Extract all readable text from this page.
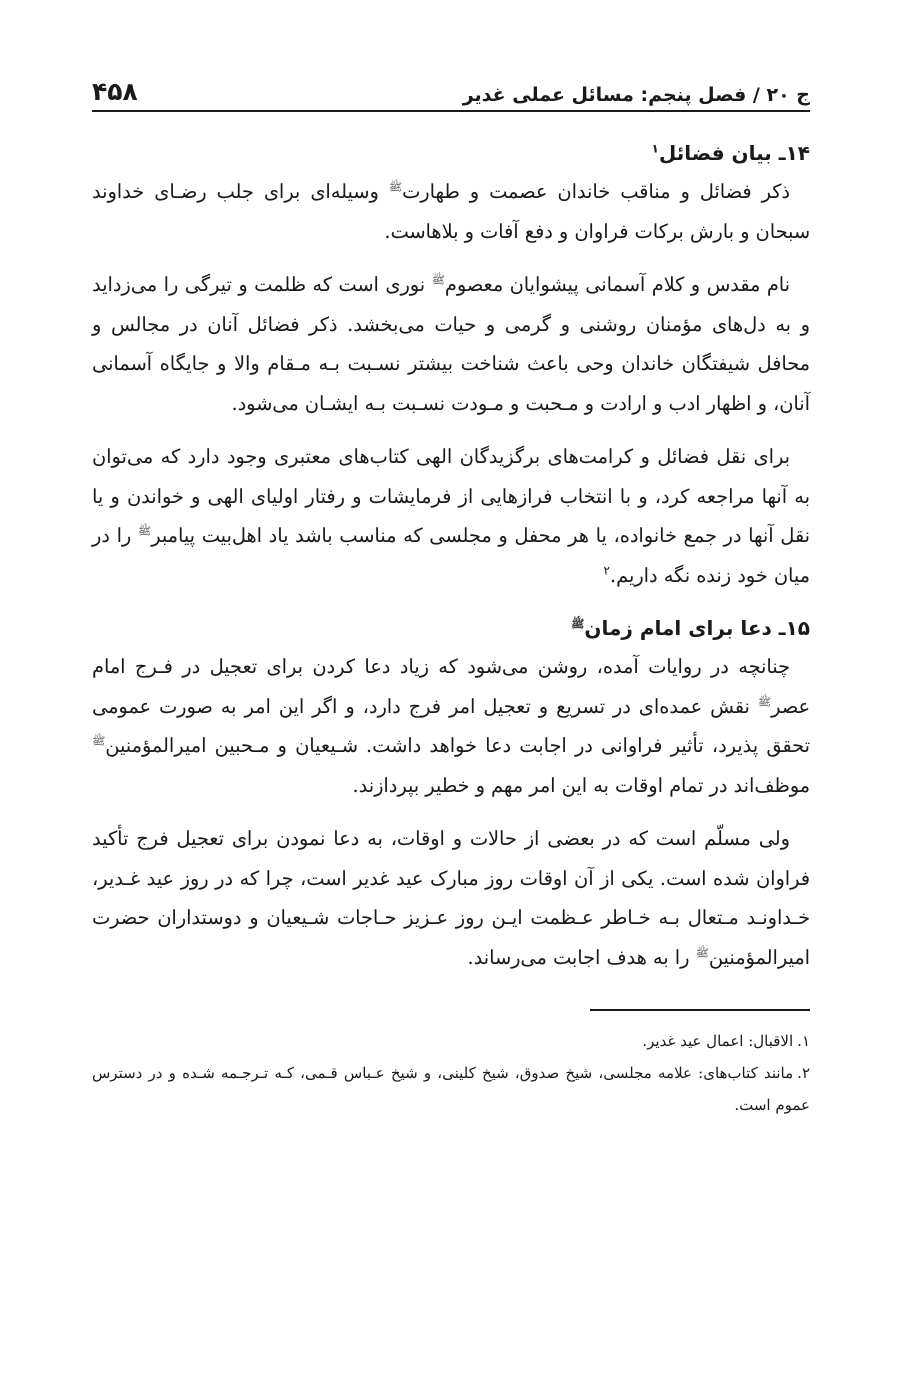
ج ۲۰ / فصل پنجم: مسائل عملی غدیر
۴۵۸
۱۴ـ بیان فضائل$^۱$

ذکر فضائل و مناقب خاندان عصمت و طهارت$^ﷺ$ وسیله‌ای برای جلب رضـای خداوند سبحان و بارش برکات فراوان و دفع آفات و بلاهاست.

نام مقدس و کلام آسمانی پیشوایان معصوم$^ﷺ$ نوری است که ظلمت و تیرگی را می‌زداید و به دل‌های مؤمنان روشنی و گرمی و حیات می‌بخشد. ذکر فضائل آنان در مجالس و محافل شیفتگان خاندان وحی باعث شناخت بیشتر نسـبت بـه مـقام والا و جایگاه آسمانی آنان، و اظهار ادب و ارادت و مـحبت و مـودت نسـبت بـه ایشـان می‌شود.

برای نقل فضائل و کرامت‌های برگزیدگان الهی کتاب‌های معتبری وجود دارد که می‌توان به آنها مراجعه کرد، و با انتخاب فرازهایی از فرمایشات و رفتار اولیای الهی و خواندن و یا نقل آنها در جمع خانواده، یا هر محفل و مجلسی که مناسب باشد یاد اهل‌بیت پیامبر$^ﷺ$ را در میان خود زنده نگه داریم.$^۲$

۱۵ـ دعا برای امام زمان$^ﷺ$

چنانچه در روایات آمده، روشن می‌شود که زیاد دعا کردن برای تعجیل در فـرج امام عصر$^ﷺ$ نقش عمده‌ای در تسریع و تعجیل امر فرج دارد، و اگر این امر به صورت عمومی تحقق پذیرد، تأثیر فراوانی در اجابت دعا خواهد داشت. شـیعیان و مـحبین امیرالمؤمنین$^ﷺ$ موظف‌اند در تمام اوقات به این امر مهم و خطیر بپردازند.

ولی مسلّم است که در بعضی از حالات و اوقات، به دعا نمودن برای تعجیل فرج تأکید فراوان شده است. یکی از آن اوقات روز مبارک عید غدیر است، چرا که در روز عید غـدیر، خـداونـد مـتعال بـه خـاطر عـظمت ایـن روز عـزیز حـاجات شـیعیان و دوستداران حضرت امیرالمؤمنین$^ﷺ$ را به هدف اجابت می‌رساند.

۱.الاقبال: اعمال عید غدیر.

۲.مانند کتاب‌های: علامه مجلسی، شیخ صدوق، شیخ کلینی، و شیخ عـباس قـمی، کـه تـرجـمه شـده و در دسترس عموم است.
